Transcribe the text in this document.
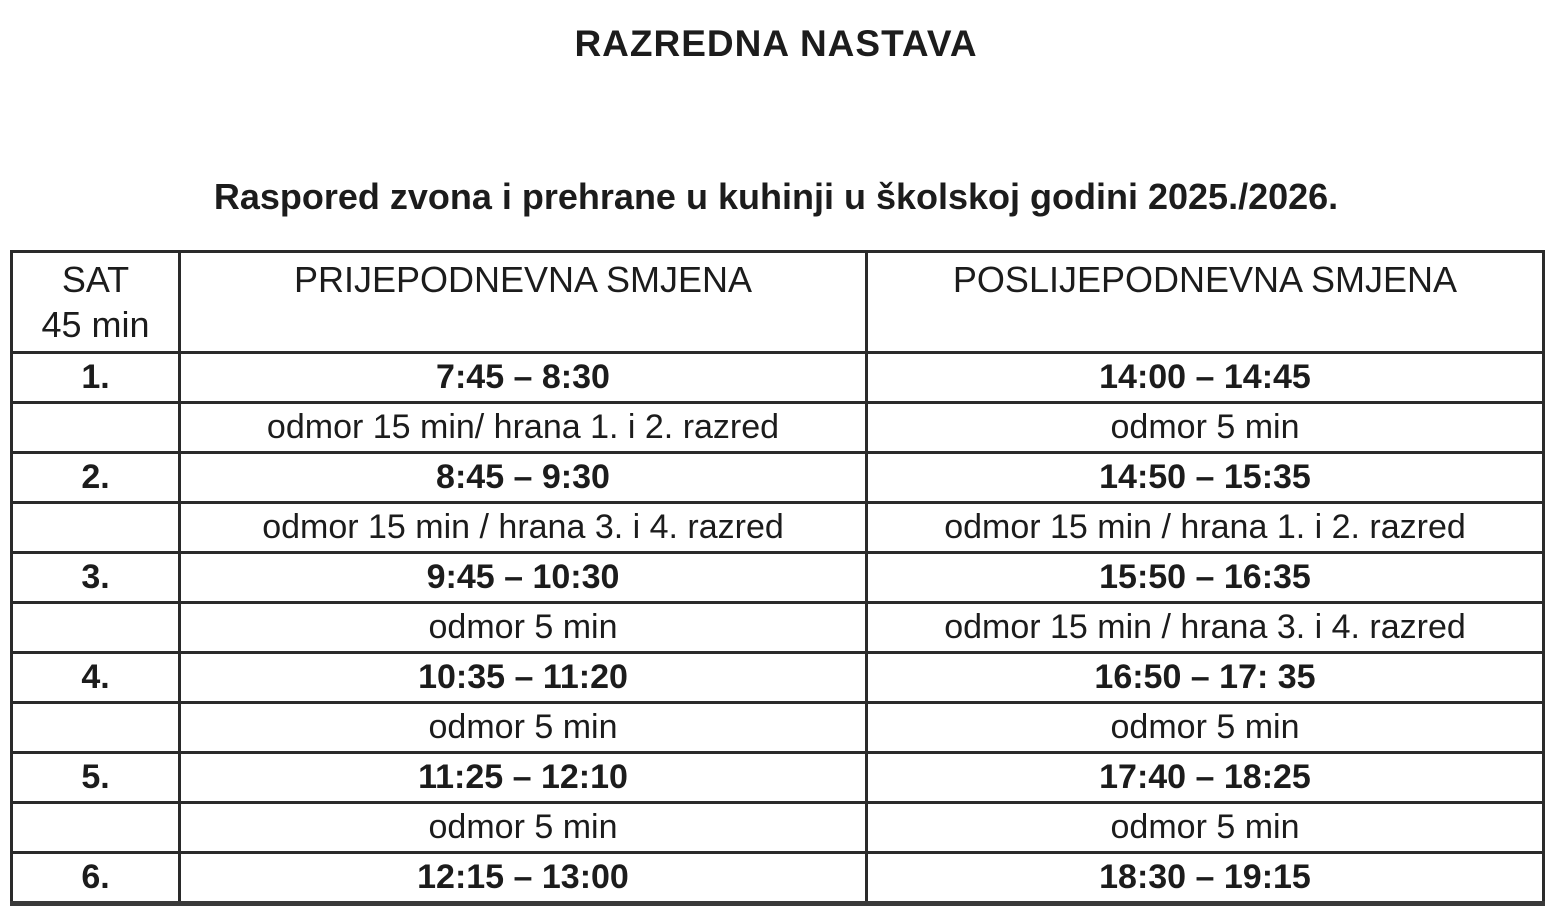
RAZREDNA NASTAVA
Raspored zvona i prehrane u kuhinji u školskoj godini 2025./2026.
SAT
45 min	PRIJEPODNEVNA SMJENA	POSLIJEPODNEVNA SMJENA
1.	7:45 – 8:30	14:00 – 14:45
	odmor 15 min/ hrana 1. i 2. razred	odmor 5 min
2.	8:45 – 9:30	14:50 – 15:35
	odmor 15 min / hrana 3. i 4. razred	odmor 15 min / hrana 1. i 2. razred
3.	9:45 – 10:30	15:50 – 16:35
	odmor 5 min	odmor 15 min / hrana 3. i 4. razred
4.	10:35 – 11:20	16:50 – 17: 35
	odmor 5 min	odmor 5 min
5.	11:25 – 12:10	17:40 – 18:25
	odmor 5 min	odmor 5 min
6.	12:15 – 13:00	18:30 – 19:15
